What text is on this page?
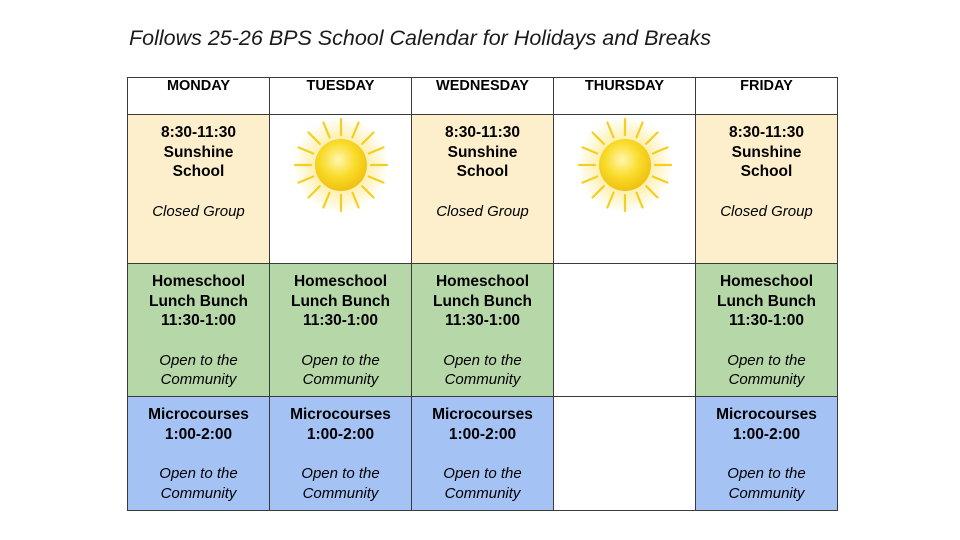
Follows 25-26 BPS School Calendar for Holidays and Breaks
MONDAY	TUESDAY	WEDNESDAY	THURSDAY	FRIDAY

8:30-11:30
Sunshine
School
Closed Group		8:30-11:30
Sunshine
School
Closed Group		8:30-11:30
Sunshine
School
Closed Group

Homeschool
Lunch Bunch
11:30-1:00
Open to the
Community	Homeschool
Lunch Bunch
11:30-1:00
Open to the
Community	Homeschool
Lunch Bunch
11:30-1:00
Open to the
Community		Homeschool
Lunch Bunch
11:30-1:00
Open to the
Community

Microcourses
1:00-2:00
Open to the
Community	Microcourses
1:00-2:00
Open to the
Community	Microcourses
1:00-2:00
Open to the
Community		Microcourses
1:00-2:00
Open to the
Community
